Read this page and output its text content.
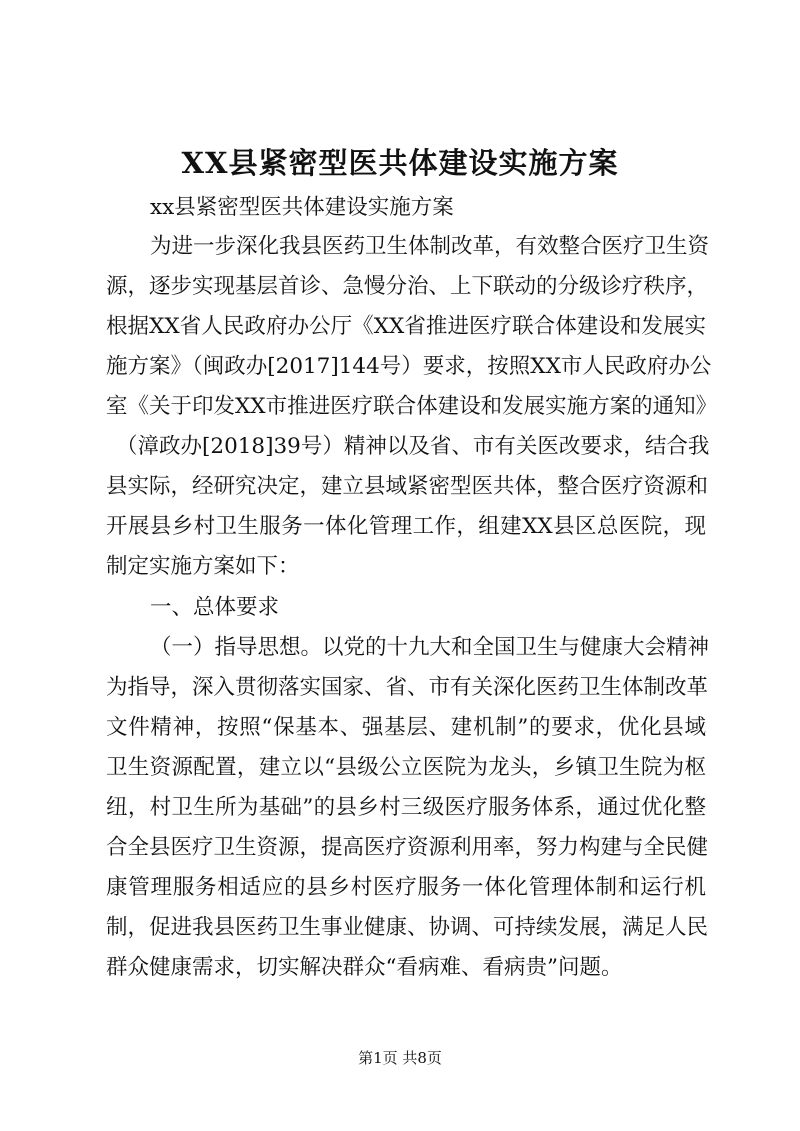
XX县紧密型医共体建设实施方案
xx县紧密型医共体建设实施方案
为进一步深化我县医药卫生体制改革，有效整合医疗卫生资
源，逐步实现基层首诊、急慢分治、上下联动的分级诊疗秩序，
根据XX省人民政府办公厅《XX省推进医疗联合体建设和发展实
施方案》（闽政办[2017]144号）要求，按照XX市人民政府办公
室《关于印发XX市推进医疗联合体建设和发展实施方案的通知》
（漳政办[2018]39号）精神以及省、市有关医改要求，结合我
县实际，经研究决定，建立县域紧密型医共体，整合医疗资源和
开展县乡村卫生服务一体化管理工作，组建XX县区总医院，现
制定实施方案如下：
一、总体要求
（一）指导思想。以党的十九大和全国卫生与健康大会精神
为指导，深入贯彻落实国家、省、市有关深化医药卫生体制改革
文件精神，按照“保基本、强基层、建机制”的要求，优化县域
卫生资源配置，建立以“县级公立医院为龙头，乡镇卫生院为枢
纽，村卫生所为基础”的县乡村三级医疗服务体系，通过优化整
合全县医疗卫生资源，提高医疗资源利用率，努力构建与全民健
康管理服务相适应的县乡村医疗服务一体化管理体制和运行机
制，促进我县医药卫生事业健康、协调、可持续发展，满足人民
群众健康需求，切实解决群众“看病难、看病贵”问题。
第1页 共8页
